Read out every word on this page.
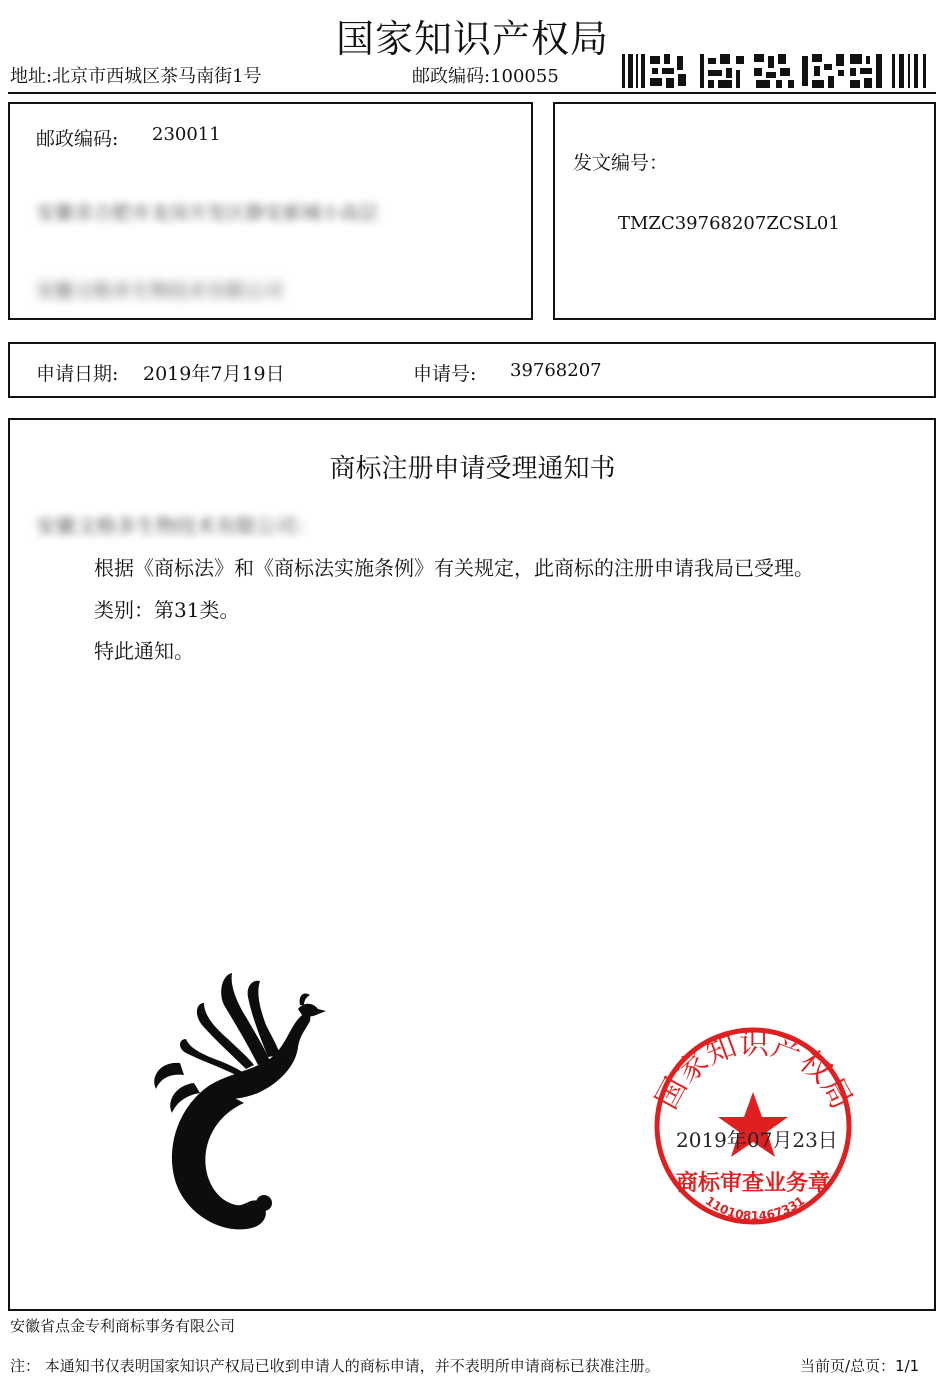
国家知识产权局
地址:北京市西城区茶马南街1号	邮政编码:100055
邮政编码: 230011
安徽省合肥市龙岗开发区静安新城小高层
安徽文格多生物技术有限公司
发文编号：
TMZC39768207ZCSL01
申请日期: 2019年7月19日	申请号: 39768207
商标注册申请受理通知书
安徽文格多生物技术有限公司：
根据《商标法》和《商标法实施条例》有关规定，此商标的注册申请我局已受理。
类别：第31类。
特此通知。
国家知识产权局
商标审查业务章
1101081467331
2019年07月23日
安徽省点金专利商标事务有限公司
注： 本通知书仅表明国家知识产权局已收到申请人的商标申请，并不表明所申请商标已获准注册。	当前页/总页：1/1
